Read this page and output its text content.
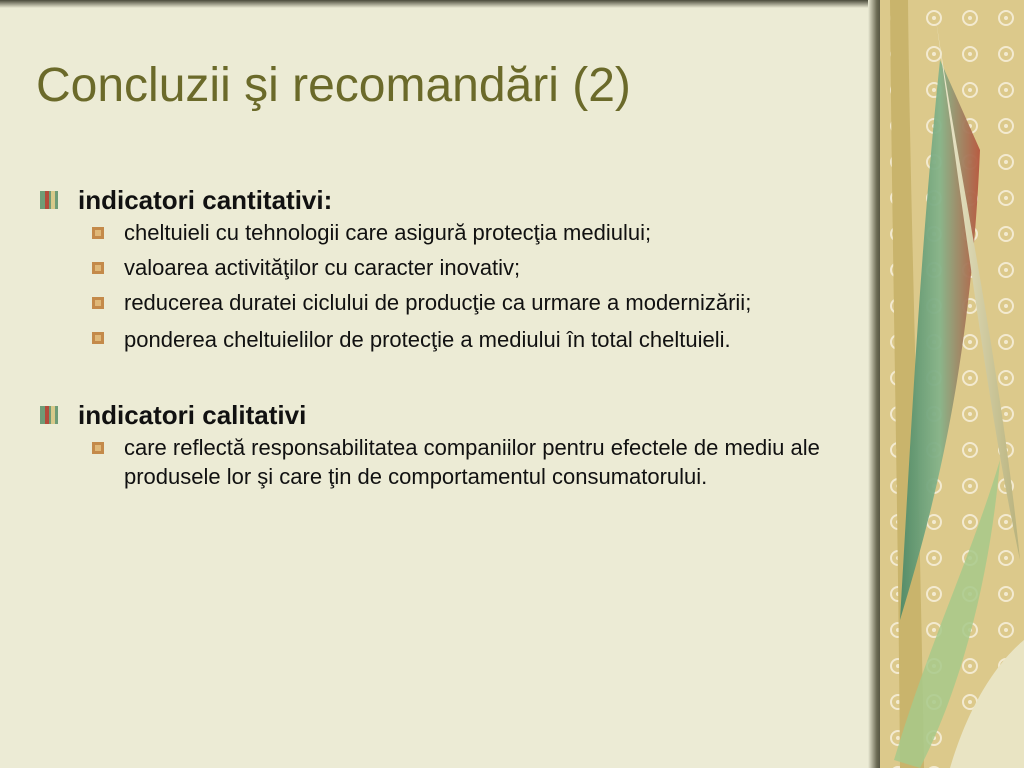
Concluzii şi recomandări (2)
indicatori cantitativi:
cheltuieli cu tehnologii care asigură protecţia mediului;
valoarea activităţilor cu caracter inovativ;
reducerea duratei ciclului de producţie ca urmare a modernizării;
ponderea cheltuielilor de protecţie a mediului în total cheltuieli.
indicatori calitativi
care reflectă responsabilitatea companiilor pentru efectele de mediu ale produsele lor şi care ţin de comportamentul consumatorului.
